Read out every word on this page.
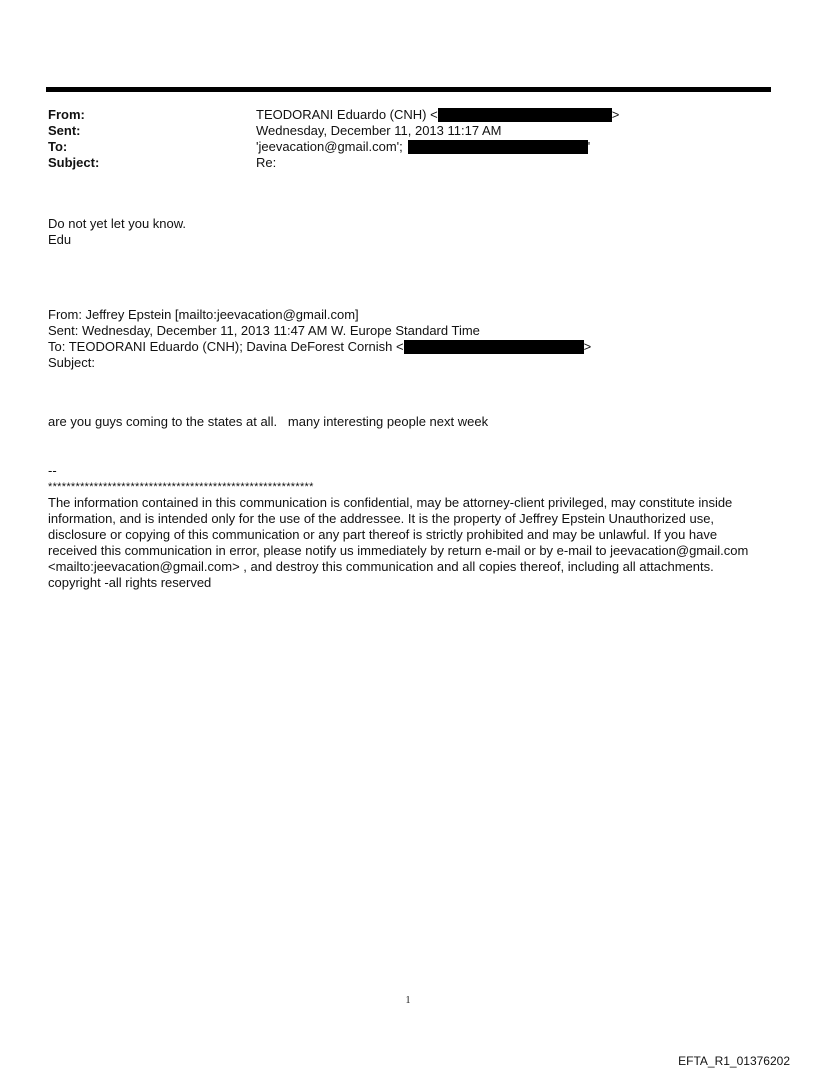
From:	TEODORANI Eduardo (CNH) <	>
Sent:	Wednesday, December 11, 2013 11:17 AM
To:	'jeevacation@gmail.com';	'
Subject:	Re:

Do not yet let you know.

Edu

From: Jeffrey Epstein [mailto:jeevacation@gmail.com]

Sent: Wednesday, December 11, 2013 11:47 AM W. Europe Standard Time

To: TEODORANI Eduardo (CNH); Davina DeForest Cornish <	>

Subject:

are you guys coming to the states at all.   many interesting people next week

--

**********************************************************

The information contained in this communication is confidential, may be attorney-client privileged, may constitute inside information, and is intended only for the use of the addressee. It is the property of Jeffrey Epstein Unauthorized use, disclosure or copying of this communication or any part thereof is strictly prohibited and may be unlawful. If you have received this communication in error, please notify us immediately by return e-mail or by e-mail to jeevacation@gmail.com <mailto:jeevacation@gmail.com> , and destroy this communication and all copies thereof, including all attachments. copyright -all rights reserved

1
EFTA_R1_01376202
